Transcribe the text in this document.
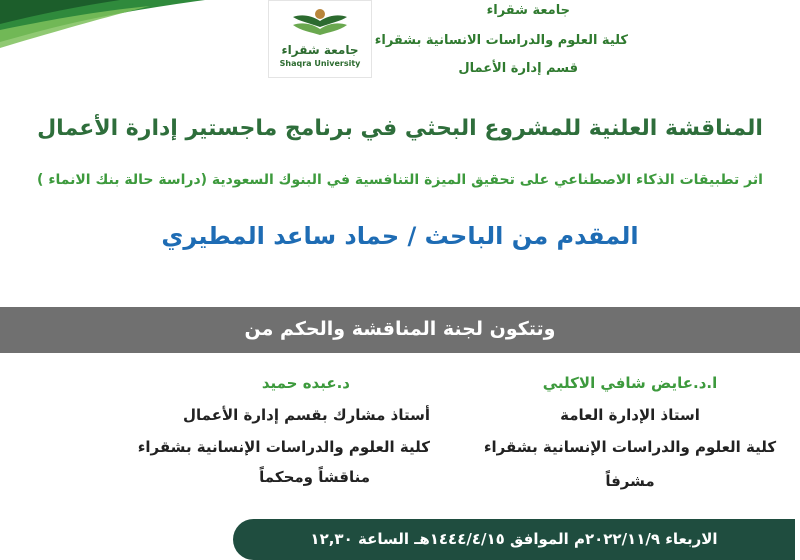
جامعة شقراء
Shaqra University
جامعة شقراء
كلية العلوم والدراسات الانسانية بشقراء
قسم إدارة الأعمال
المناقشة العلنية للمشروع البحثي في برنامج ماجستير إدارة الأعمال
اثر تطبيقات الذكاء الاصطناعي على تحقيق الميزة التنافسية في البنوك السعودية (دراسة حالة بنك الانماء )
المقدم من الباحث / حماد ساعد المطيري
وتتكون لجنة المناقشة والحكم من
ا.د.عايض شافي الاكلبي
استاذ الإدارة العامة
كلية العلوم والدراسات الإنسانية بشقراء
مشرفاً
د.عبده حميد
أستاذ مشارك بقسم إدارة الأعمال
كلية العلوم والدراسات الإنسانية بشقراء
مناقشاً ومحكماً
الاربعاء ٢٠٢٢/١١/٩م الموافق ١٤٤٤/٤/١٥هـ الساعة ١٢,٣٠
